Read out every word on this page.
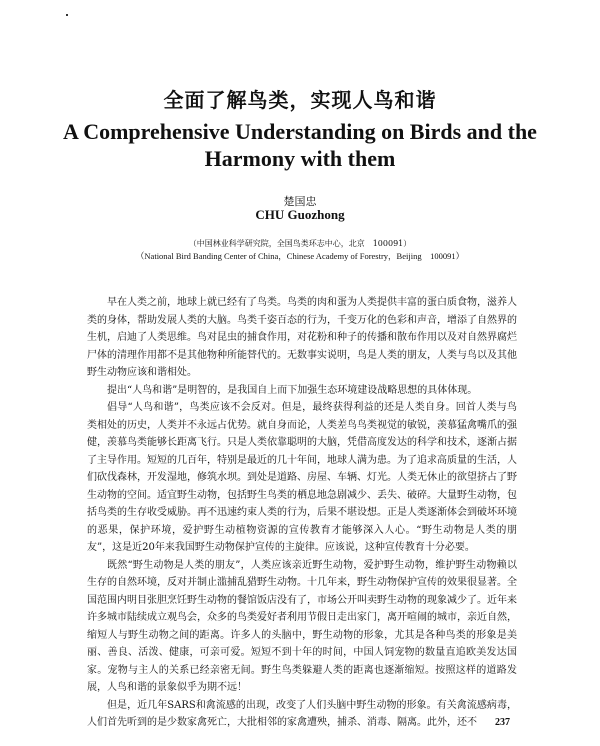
全面了解鸟类，实现人鸟和谐
A Comprehensive Understanding on Birds and the Harmony with them
楚国忠
CHU Guozhong
（中国林业科学研究院，全国鸟类环志中心，北京　100091）
（National Bird Banding Center of China，Chinese Academy of Forestry，Beijing　100091）

早在人类之前，地球上就已经有了鸟类。鸟类的肉和蛋为人类提供丰富的蛋白质食物，滋养人类的身体，帮助发展人类的大脑。鸟类千姿百态的行为，千变万化的色彩和声音，增添了自然界的生机，启迪了人类思维。鸟对昆虫的捕食作用，对花粉和种子的传播和散布作用以及对自然界腐烂尸体的清理作用都不是其他物种所能替代的。无数事实说明，鸟是人类的朋友，人类与鸟以及其他野生动物应该和谐相处。

提出“人鸟和谐”是明智的，是我国自上而下加强生态环境建设战略思想的具体体现。

倡导“人鸟和谐”，鸟类应该不会反对。但是，最终获得利益的还是人类自身。回首人类与鸟类相处的历史，人类并不永远占优势。就自身而论，人类差鸟鸟类视觉的敏锐，羡慕猛禽嘴爪的强健，羡慕鸟类能够长距离飞行。只是人类依靠聪明的大脑，凭借高度发达的科学和技术，逐渐占据了主导作用。短短的几百年，特别是最近的几十年间，地球人满为患。为了追求高质量的生活，人们砍伐森林，开发湿地，修筑水坝。到处是道路、房屋、车辆、灯光。人类无休止的欲望挤占了野生动物的空间。适宜野生动物，包括野生鸟类的栖息地急剧减少、丢失、破碎。大量野生动物，包括鸟类的生存收受威胁。再不迅速约束人类的行为，后果不堪设想。正是人类逐渐体会到破坏环境的恶果，保护环境，爱护野生动植物资源的宣传教育才能够深入人心。“野生动物是人类的朋友”，这是近20年来我国野生动物保护宣传的主旋律。应该说，这种宣传教育十分必要。

既然“野生动物是人类的朋友”，人类应该亲近野生动物，爱护野生动物，维护野生动物赖以生存的自然环境，反对并制止滥捕乱猎野生动物。十几年来，野生动物保护宣传的效果很显著。全国范围内明目张胆烹饪野生动物的餐馆饭店没有了，市场公开叫卖野生动物的现象减少了。近年来许多城市陆续成立观鸟会，众多的鸟类爱好者利用节假日走出家门，离开喧闹的城市，亲近自然，缩短人与野生动物之间的距离。许多人的头脑中，野生动物的形象，尤其是各种鸟类的形象是美丽、善良、活泼、健康，可亲可爱。短短不到十年的时间，中国人饲宠物的数量直追欧美发达国家。宠物与主人的关系已经亲密无间。野生鸟类躲避人类的距离也逐渐缩短。按照这样的道路发展，人鸟和谐的景象似乎为期不远！

但是，近几年SARS和禽流感的出现，改变了人们头脑中野生动物的形象。有关禽流感病毒，人们首先听到的是少数家禽死亡，大批相邻的家禽遭殃，捕杀、消毒、隔离。此外，还不	237
